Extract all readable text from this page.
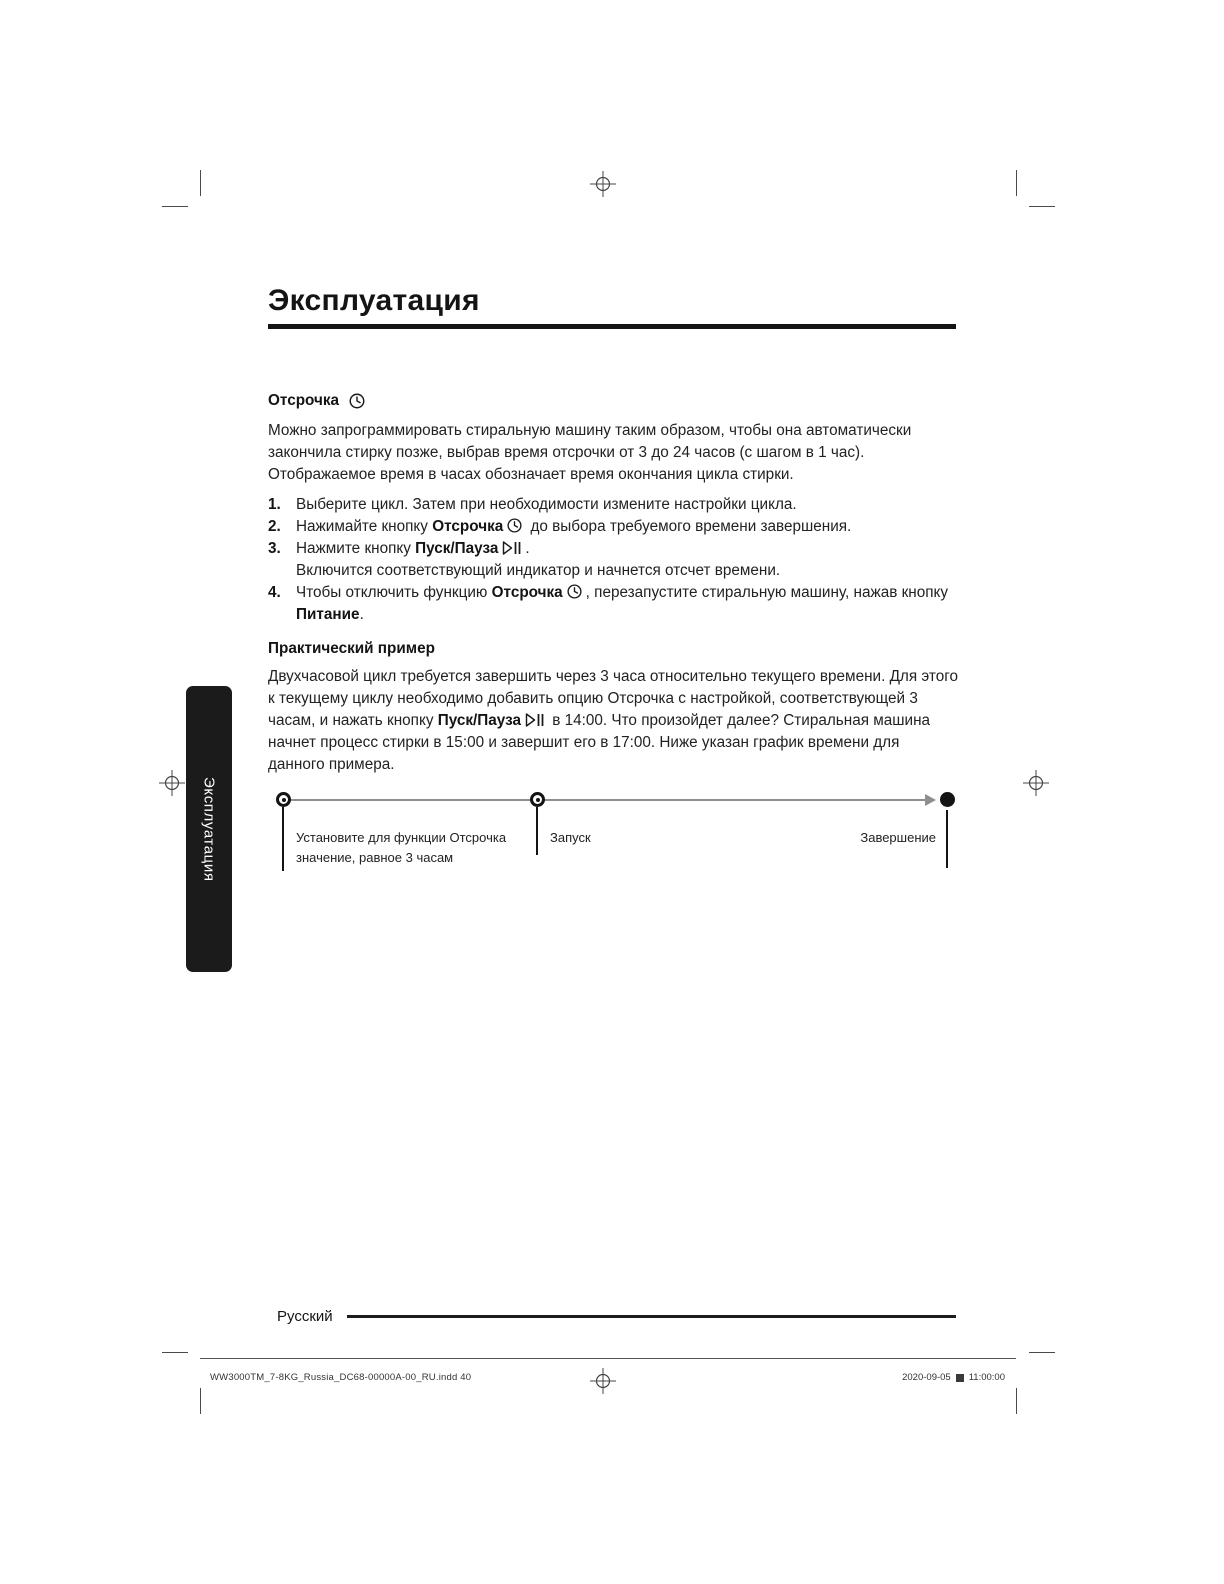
Эксплуатация
Эксплуатация
Отсрочка
Можно запрограммировать стиральную машину таким образом, чтобы она автоматически закончила стирку позже, выбрав время отсрочки от 3 до 24 часов (с шагом в 1 час). Отображаемое время в часах обозначает время окончания цикла стирки.
1. Выберите цикл. Затем при необходимости измените настройки цикла.
2. Нажимайте кнопку Отсрочка
до выбора требуемого времени завершения.
3. Нажмите кнопку Пуск/Пауза .
Включится соответствующий индикатор и начнется отсчет времени.
4. Чтобы отключить функцию Отсрочка , перезапустите стиральную машину, нажав кнопку Питание.
Практический пример
Двухчасовой цикл требуется завершить через 3 часа относительно текущего времени. Для этого к текущему циклу необходимо добавить опцию Отсрочка с настройкой, соответствующей 3 часам, и нажать кнопку Пуск/Пауза
в 14:00. Что произойдет далее? Стиральная машина начнет процесс стирки в 15:00 и завершит его в 17:00. Ниже указан график времени для данного примера.
Установите для функции Отсрочка
значение, равное 3 часам
Запуск	Завершение
Русский
WW3000TM_7-8KG_Russia_DC68-00000A-00_RU.indd 40	2020-09-05 11:00:00
